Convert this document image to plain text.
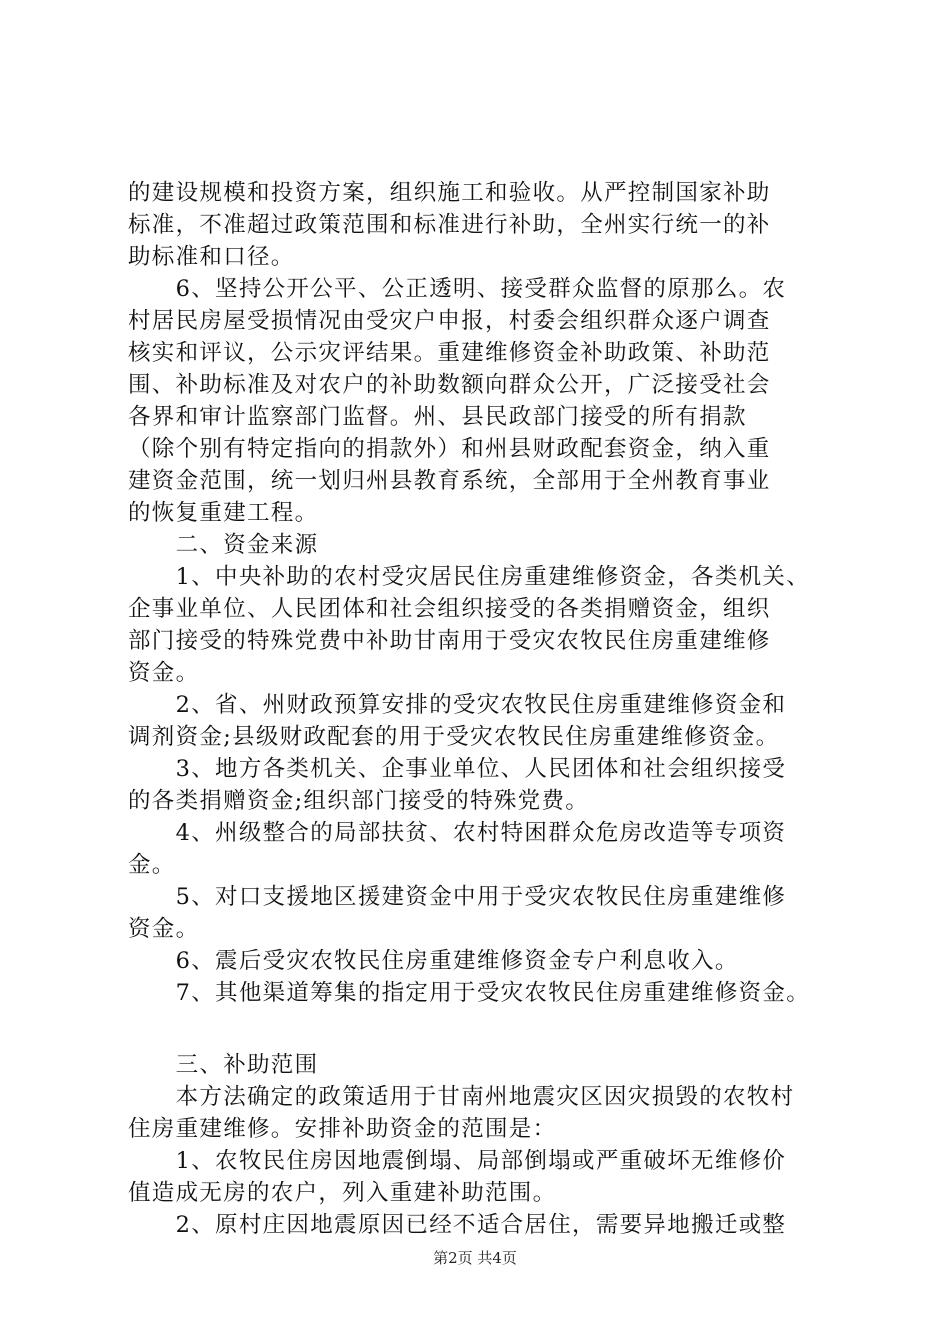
的建设规模和投资方案，组织施工和验收。从严控制国家补助
标准，不准超过政策范围和标准进行补助，全州实行统一的补
助标准和口径。
　　6、坚持公开公平、公正透明、接受群众监督的原那么。农
村居民房屋受损情况由受灾户申报，村委会组织群众逐户调查
核实和评议，公示灾评结果。重建维修资金补助政策、补助范
围、补助标准及对农户的补助数额向群众公开，广泛接受社会
各界和审计监察部门监督。州、县民政部门接受的所有捐款
（除个别有特定指向的捐款外）和州县财政配套资金，纳入重
建资金范围，统一划归州县教育系统，全部用于全州教育事业
的恢复重建工程。
　　二、资金来源
　　1、中央补助的农村受灾居民住房重建维修资金，各类机关、
企事业单位、人民团体和社会组织接受的各类捐赠资金，组织
部门接受的特殊党费中补助甘南用于受灾农牧民住房重建维修
资金。
　　2、省、州财政预算安排的受灾农牧民住房重建维修资金和
调剂资金;县级财政配套的用于受灾农牧民住房重建维修资金。
　　3、地方各类机关、企事业单位、人民团体和社会组织接受
的各类捐赠资金;组织部门接受的特殊党费。
　　4、州级整合的局部扶贫、农村特困群众危房改造等专项资
金。
　　5、对口支援地区援建资金中用于受灾农牧民住房重建维修
资金。
　　6、震后受灾农牧民住房重建维修资金专户利息收入。
　　7、其他渠道筹集的指定用于受灾农牧民住房重建维修资金。
　　三、补助范围
　　本方法确定的政策适用于甘南州地震灾区因灾损毁的农牧村
住房重建维修。安排补助资金的范围是：
　　1、农牧民住房因地震倒塌、局部倒塌或严重破坏无维修价
值造成无房的农户，列入重建补助范围。
　　2、原村庄因地震原因已经不适合居住，需要异地搬迁或整
第2页 共4页
